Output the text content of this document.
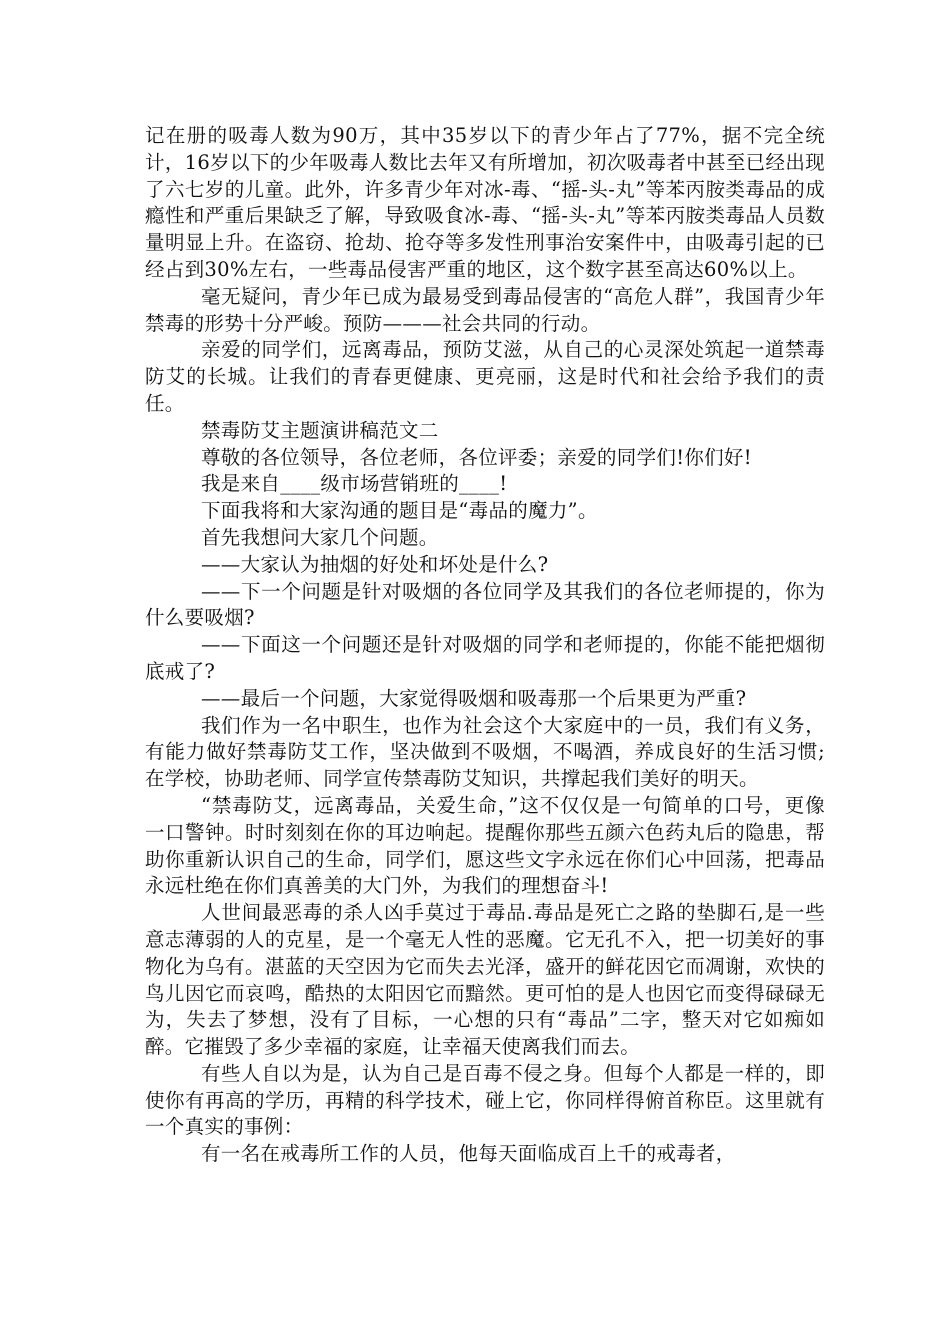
记在册的吸毒人数为90万，其中35岁以下的青少年占了77%，据不完全统计，16岁以下的少年吸毒人数比去年又有所增加，初次吸毒者中甚至已经出现了六七岁的儿童。此外，许多青少年对冰-毒、“摇-头-丸”等苯丙胺类毒品的成瘾性和严重后果缺乏了解，导致吸食冰-毒、“摇-头-丸”等苯丙胺类毒品人员数量明显上升。在盗窃、抢劫、抢夺等多发性刑事治安案件中，由吸毒引起的已经占到30%左右，一些毒品侵害严重的地区，这个数字甚至高达60%以上。

毫无疑问，青少年已成为最易受到毒品侵害的“高危人群”，我国青少年禁毒的形势十分严峻。预防———社会共同的行动。

亲爱的同学们，远离毒品，预防艾滋，从自己的心灵深处筑起一道禁毒防艾的长城。让我们的青春更健康、更亮丽，这是时代和社会给予我们的责任。

禁毒防艾主题演讲稿范文二

尊敬的各位领导，各位老师，各位评委；亲爱的同学们!你们好!

我是来自____级市场营销班的____!

下面我将和大家沟通的题目是“毒品的魔力”。

首先我想问大家几个问题。

——大家认为抽烟的好处和坏处是什么?

——下一个问题是针对吸烟的各位同学及其我们的各位老师提的，你为什么要吸烟?

——下面这一个问题还是针对吸烟的同学和老师提的，你能不能把烟彻底戒了?

——最后一个问题，大家觉得吸烟和吸毒那一个后果更为严重?

我们作为一名中职生，也作为社会这个大家庭中的一员，我们有义务，有能力做好禁毒防艾工作，坚决做到不吸烟，不喝酒，养成良好的生活习惯;在学校，协助老师、同学宣传禁毒防艾知识，共撑起我们美好的明天。

“禁毒防艾，远离毒品，关爱生命，”这不仅仅是一句简单的口号，更像一口警钟。时时刻刻在你的耳边响起。提醒你那些五颜六色药丸后的隐患，帮助你重新认识自己的生命，同学们，愿这些文字永远在你们心中回荡，把毒品永远杜绝在你们真善美的大门外，为我们的理想奋斗!

人世间最恶毒的杀人凶手莫过于毒品.毒品是死亡之路的垫脚石,是一些意志薄弱的人的克星，是一个毫无人性的恶魔。它无孔不入，把一切美好的事物化为乌有。湛蓝的天空因为它而失去光泽，盛开的鲜花因它而凋谢，欢快的鸟儿因它而哀鸣，酷热的太阳因它而黯然。更可怕的是人也因它而变得碌碌无为，失去了梦想，没有了目标，一心想的只有“毒品”二字，整天对它如痴如醉。它摧毁了多少幸福的家庭，让幸福天使离我们而去。

有些人自以为是，认为自己是百毒不侵之身。但每个人都是一样的，即使你有再高的学历，再精的科学技术，碰上它，你同样得俯首称臣。这里就有一个真实的事例：

有一名在戒毒所工作的人员，他每天面临成百上千的戒毒者，
